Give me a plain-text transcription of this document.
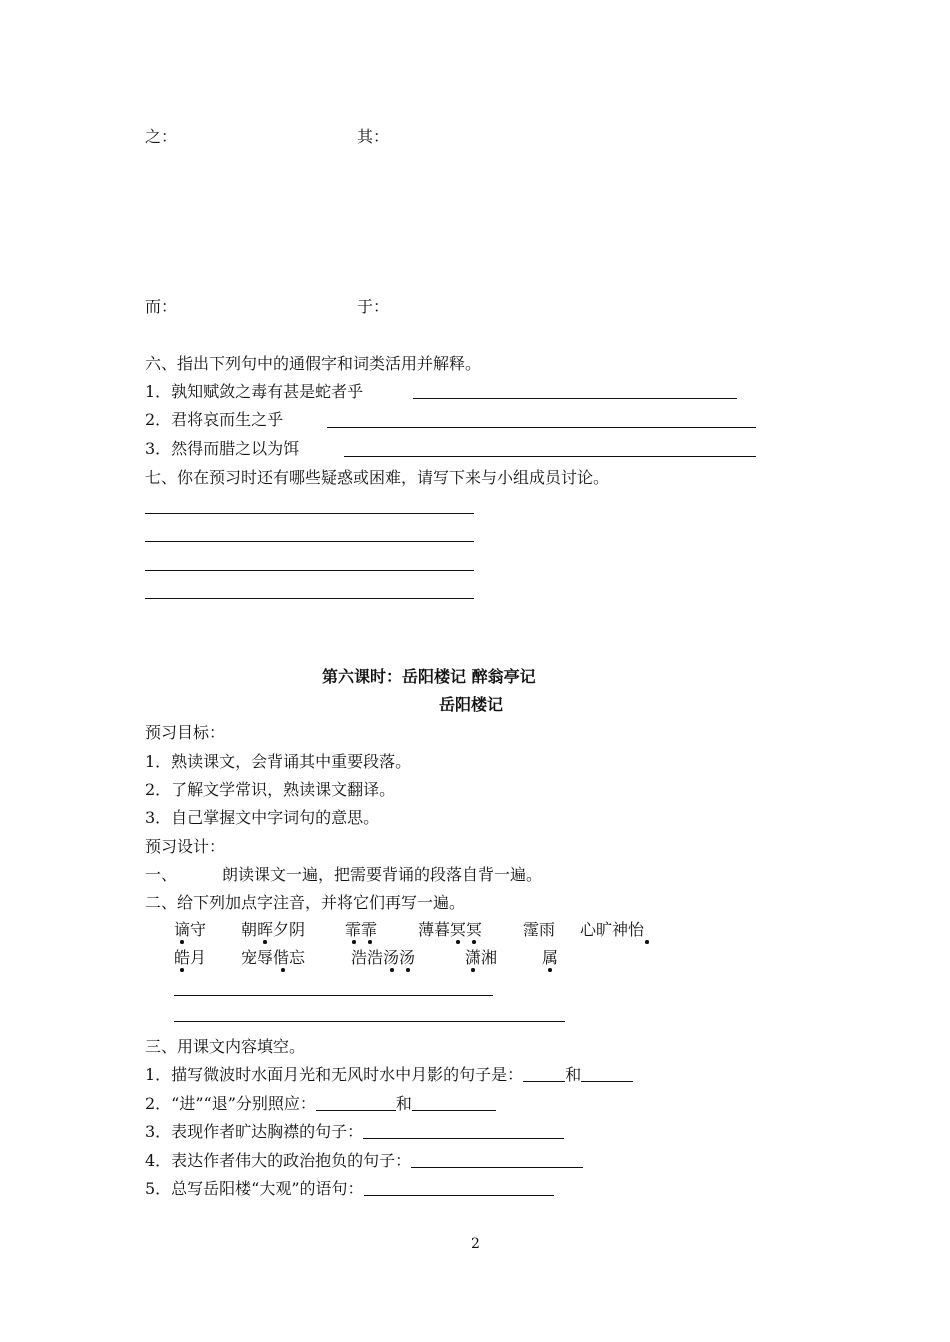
之：	其：
而：	于：
六、指出下列句中的通假字和词类活用并解释。
1．孰知赋敛之毒有甚是蛇者乎
2．君将哀而生之乎
3．然得而腊之以为饵
七、你在预习时还有哪些疑惑或困难，请写下来与小组成员讨论。
第六课时：岳阳楼记 醉翁亭记
岳阳楼记
预习目标：
1．熟读课文，会背诵其中重要段落。
2．了解文学常识，熟读课文翻译。
3．自己掌握文中字词句的意思。
预习设计：
一、	朗读课文一遍，把需要背诵的段落自背一遍。
二、给下列加点字注音，并将它们再写一遍。
谪守 朝晖夕阴 霏霏	薄暮冥冥	霪雨 心旷神怡
皓月 宠辱偕忘	浩浩汤汤	潇湘	属
三、用课文内容填空。
1．描写微波时水面月光和无风时水中月影的句子是：	和
2．“进”“退”分别照应：	和
3．表现作者旷达胸襟的句子：
4．表达作者伟大的政治抱负的句子：
5．总写岳阳楼“大观”的语句：
2
